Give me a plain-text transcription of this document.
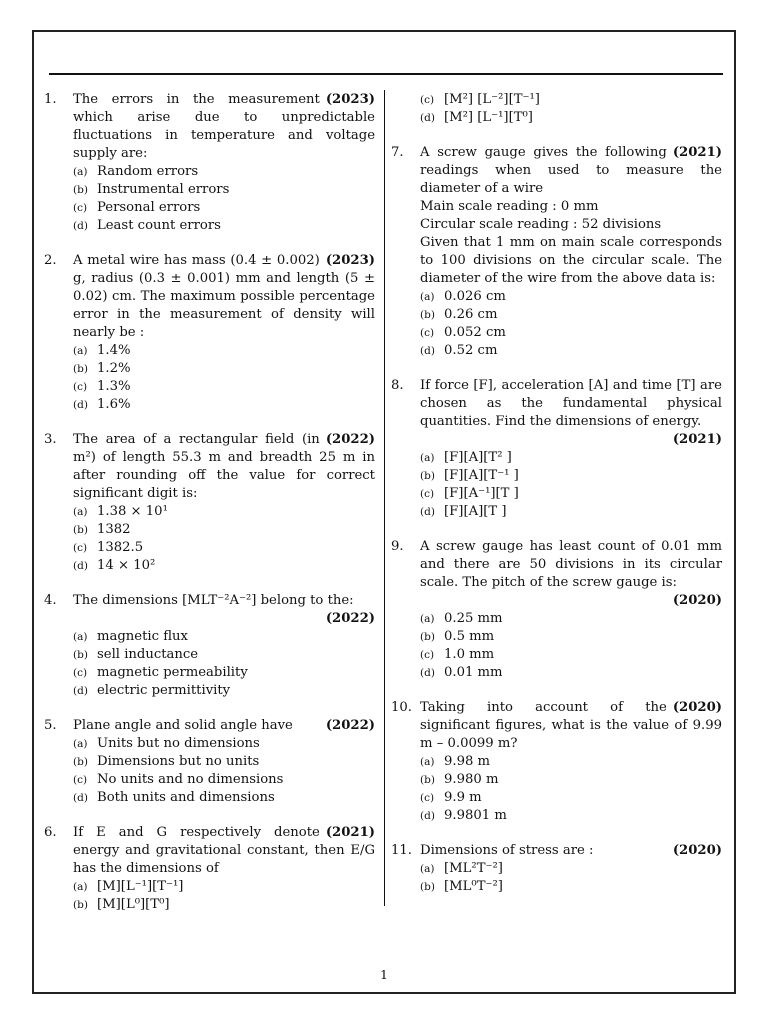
1.	(2023)
The errors in the measurement which arise due to unpredictable fluctuations in temperature and voltage supply are:
(a) Random errors
(b) Instrumental errors
(c) Personal errors
(d) Least count errors
2.	(2023)
A metal wire has mass (0.4 ± 0.002) g, radius (0.3 ± 0.001) mm and length (5 ± 0.02) cm. The maximum possible percentage error in the measurement of density will nearly be :
(a) 1.4%
(b) 1.2%
(c) 1.3%
(d) 1.6%
3.	(2022)
The area of a rectangular field (in m²) of length 55.3 m and breadth 25 m in after rounding off the value for correct significant digit is:
(a) 1.38 × 10¹
(b) 1382
(c) 1382.5
(d) 14 × 10²
4.	The dimensions [MLT⁻²A⁻²] belong to the:
(2022)
(a) magnetic flux
(b) sell inductance
(c) magnetic permeability
(d) electric permittivity
5.	(2022)
Plane angle and solid angle have
(a) Units but no dimensions
(b) Dimensions but no units
(c) No units and no dimensions
(d) Both units and dimensions
6.	(2021)
If E and G respectively denote energy and gravitational constant, then E/G has the dimensions of
(a) [M][L⁻¹][T⁻¹]
(b) [M][L⁰][T⁰]
(c) [M²] [L⁻²][T⁻¹]
(d) [M²] [L⁻¹][T⁰]
7.	(2021)
A screw gauge gives the following readings when used to measure the diameter of a wire
Main scale reading : 0 mm
Circular scale reading : 52 divisions
Given that 1 mm on main scale corresponds to 100 divisions on the circular scale. The diameter of the wire from the above data is:
(a) 0.026 cm
(b) 0.26 cm
(c) 0.052 cm
(d) 0.52 cm
8.	If force [F], acceleration [A] and time [T] are chosen as the fundamental physical quantities. Find the dimensions of energy.
(2021)
(a) [F][A][T² ]
(b) [F][A][T⁻¹ ]
(c) [F][A⁻¹][T ]
(d) [F][A][T ]
9.	A screw gauge has least count of 0.01 mm and there are 50 divisions in its circular scale. The pitch of the screw gauge is:
(2020)
(a) 0.25 mm
(b) 0.5 mm
(c) 1.0 mm
(d) 0.01 mm
10.	(2020)
Taking into account of the significant figures, what is the value of 9.99 m – 0.0099 m?
(a) 9.98 m
(b) 9.980 m
(c) 9.9 m
(d) 9.9801 m
11.	(2020)
Dimensions of stress are :
(a) [ML²T⁻²]
(b) [ML⁰T⁻²]
1
